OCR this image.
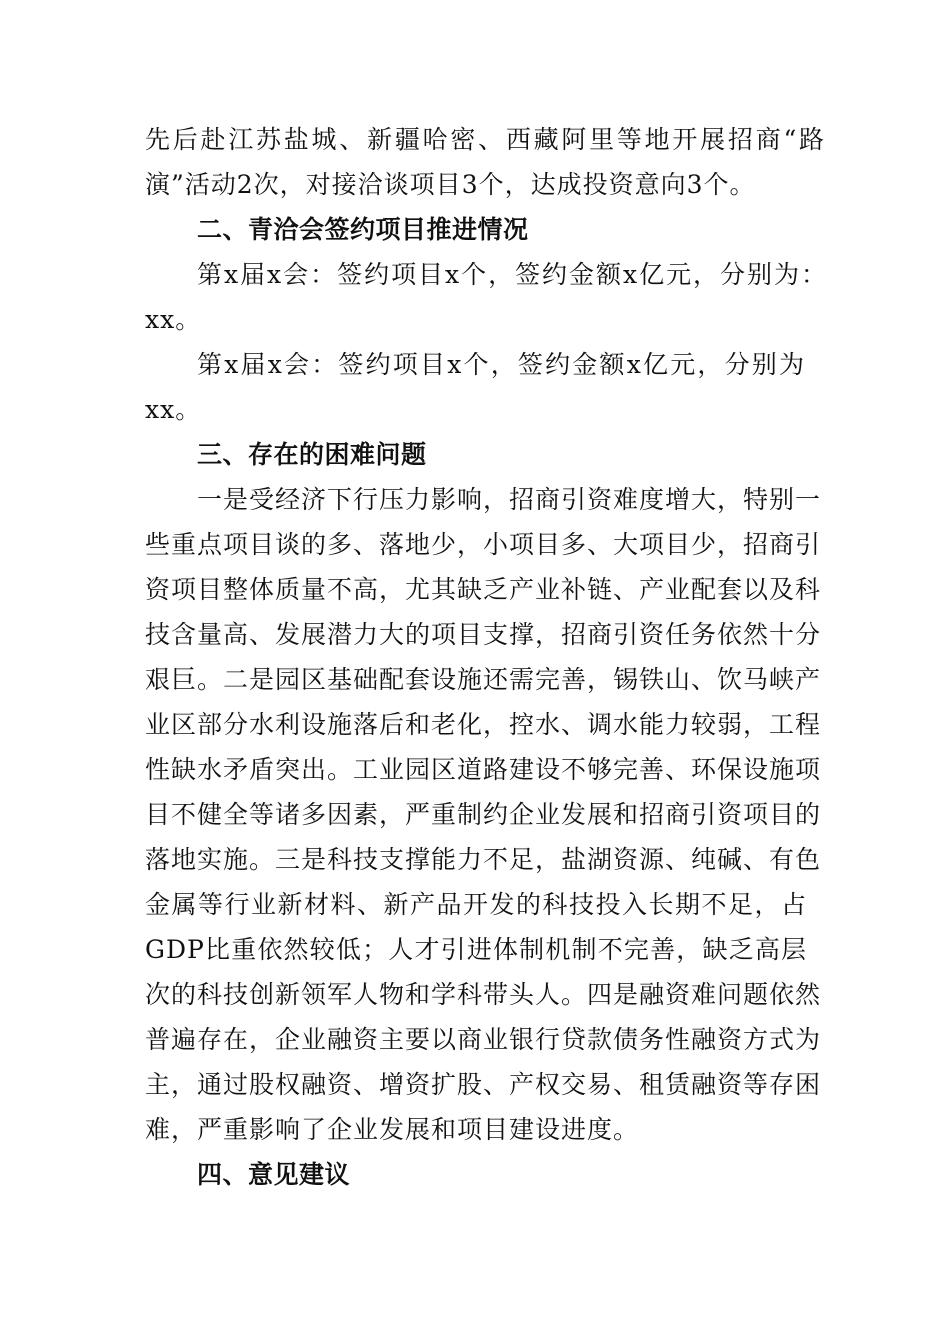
先后赴江苏盐城、新疆哈密、西藏阿里等地开展招商“路
演”活动2次，对接洽谈项目3个，达成投资意向3个。
二、青洽会签约项目推进情况
第x届x会：签约项目x个，签约金额x亿元，分别为：
xx。
第x届x会：签约项目x个，签约金额x亿元，分别为
xx。
三、存在的困难问题
一是受经济下行压力影响，招商引资难度增大，特别一
些重点项目谈的多、落地少，小项目多、大项目少，招商引
资项目整体质量不高，尤其缺乏产业补链、产业配套以及科
技含量高、发展潜力大的项目支撑，招商引资任务依然十分
艰巨。二是园区基础配套设施还需完善，锡铁山、饮马峡产
业区部分水利设施落后和老化，控水、调水能力较弱，工程
性缺水矛盾突出。工业园区道路建设不够完善、环保设施项
目不健全等诸多因素，严重制约企业发展和招商引资项目的
落地实施。三是科技支撑能力不足，盐湖资源、纯碱、有色
金属等行业新材料、新产品开发的科技投入长期不足，占
GDP比重依然较低；人才引进体制机制不完善，缺乏高层
次的科技创新领军人物和学科带头人。四是融资难问题依然
普遍存在，企业融资主要以商业银行贷款债务性融资方式为
主，通过股权融资、增资扩股、产权交易、租赁融资等存困
难，严重影响了企业发展和项目建设进度。
四、意见建议
